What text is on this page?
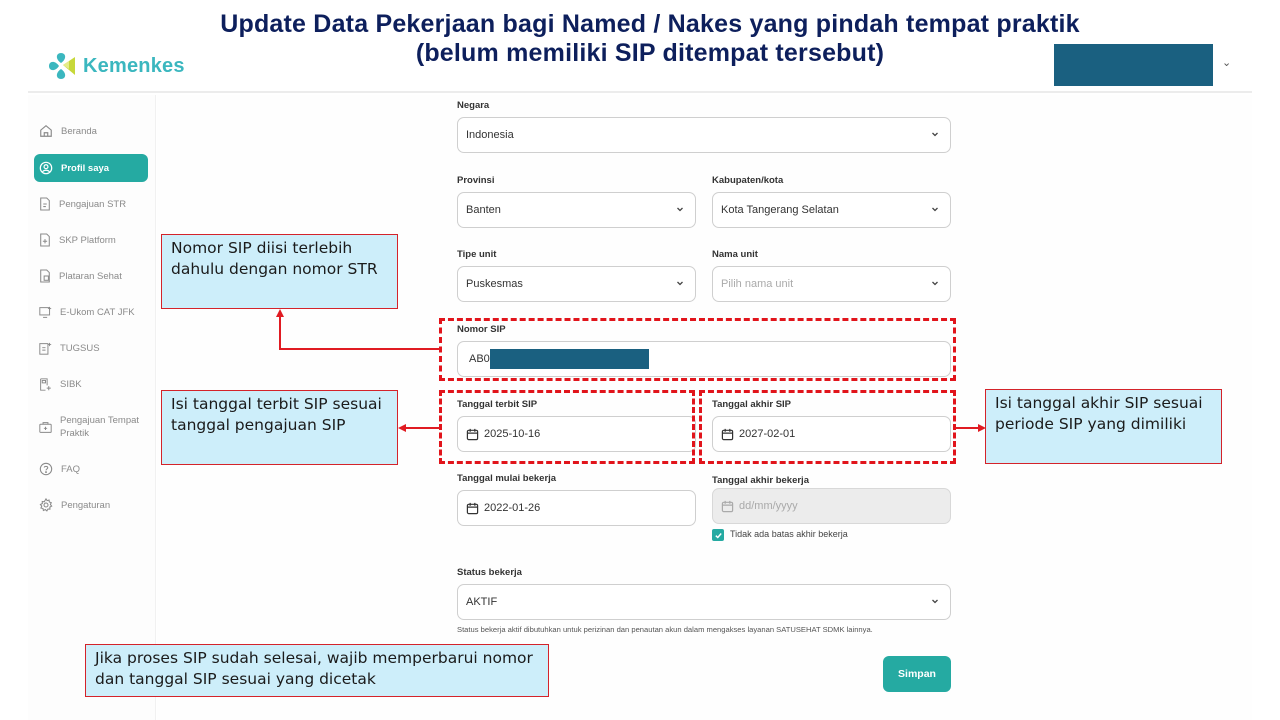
Kemenkes
Update Data Pekerjaan bagi Named / Nakes yang pindah tempat praktik
(belum memiliki SIP ditempat tersebut)	⌄
Beranda
Profil saya
Pengajuan STR
SKP Platform
Plataran Sehat
E-Ukom CAT JFK
TUGSUS
SIBK
Pengajuan Tempat Praktik
FAQ
Pengaturan
Negara
Indonesia
Provinsi
Banten
Kabupaten/kota
Kota Tangerang Selatan
Tipe unit
Puskesmas
Nama unit
Pilih nama unit
Nomor SIP
AB0
Tanggal terbit SIP
2025-10-16
Tanggal akhir SIP
2027-02-01
Tanggal mulai bekerja
2022-01-26
Tanggal akhir bekerja
dd/mm/yyyy
Tidak ada batas akhir bekerja
Status bekerja
AKTIF
Status bekerja aktif dibutuhkan untuk perizinan dan penautan akun dalam mengakses layanan SATUSEHAT SDMK lainnya.
Simpan
Nomor SIP diisi terlebih dahulu dengan nomor STR
Isi tanggal terbit SIP sesuai tanggal pengajuan SIP
Isi tanggal akhir SIP sesuai periode SIP yang dimiliki
Jika proses SIP sudah selesai, wajib memperbarui nomor dan tanggal SIP sesuai yang dicetak
